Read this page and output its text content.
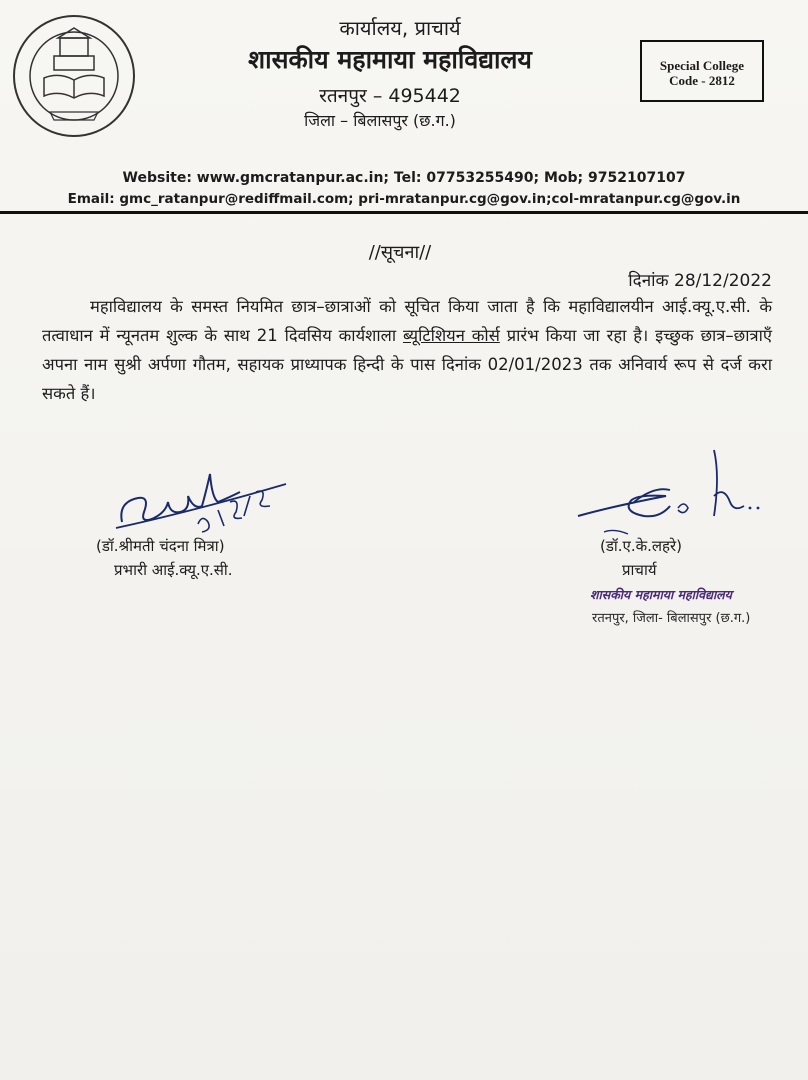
कार्यालय, प्राचार्य
शासकीय महामाया महाविद्यालय
रतनपुर – 495442
जिला – बिलासपुर (छ.ग.)
Special College
Code - 2812
Website: www.gmcratanpur.ac.in; Tel: 07753255490; Mob; 9752107107
Email: gmc_ratanpur@rediffmail.com; pri-mratanpur.cg@gov.in;col-mratanpur.cg@gov.in
//सूचना//
दिनांक 28/12/2022
महाविद्यालय के समस्त नियमित छात्र–छात्राओं को सूचित किया जाता है कि महाविद्यालयीन आई.क्यू.ए.सी. के तत्वाधान में न्यूनतम शुल्क के साथ 21 दिवसिय कार्यशाला ब्यूटिशियन कोर्स प्रारंभ किया जा रहा है। इच्छुक छात्र–छात्राऍं अपना नाम सुश्री अर्पणा गौतम, सहायक प्राध्यापक हिन्दी के पास दिनांक 02/01/2023 तक अनिवार्य रूप से दर्ज करा सकते हैं।
(डॉ.श्रीमती चंदना मित्रा)
प्रभारी आई.क्यू.ए.सी.
(डॉ.ए.के.लहरे)
प्राचार्य
शासकीय महामाया महाविद्यालय
रतनपुर, जिला- बिलासपुर (छ.ग.)
